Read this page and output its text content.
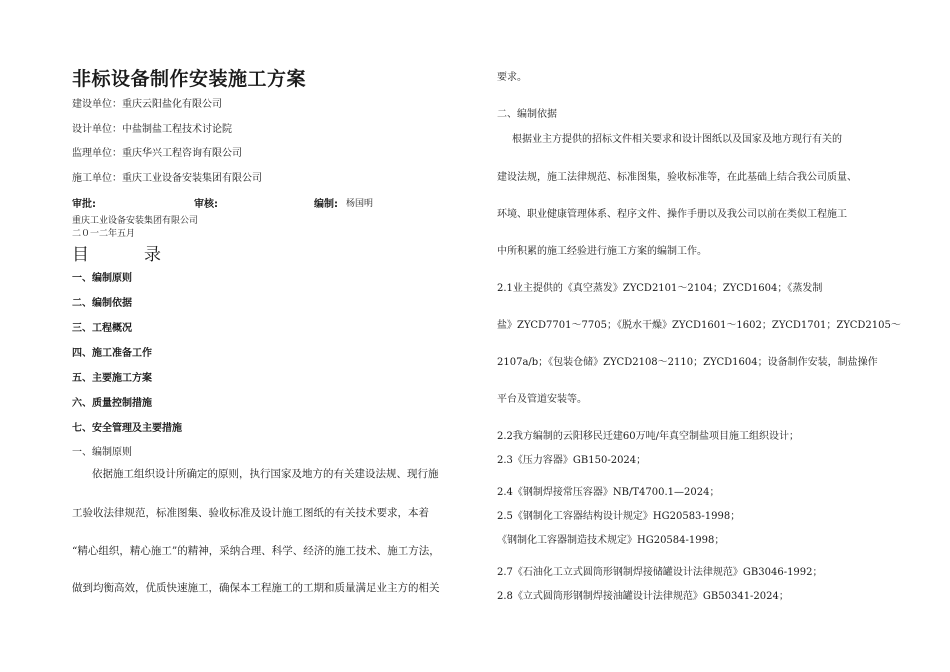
非标设备制作安装施工方案
建设单位：重庆云阳盐化有限公司
设计单位：中盐制盐工程技术讨论院
监理单位：重庆华兴工程咨询有限公司
施工单位：重庆工业设备安装集团有限公司
审批:	审核:	编制: 杨国明
重庆工业设备安装集团有限公司
二０一二年五月
目	录
一、编制原则
二、编制依据
三、工程概况
四、施工准备工作
五、主要施工方案
六、质量控制措施
七、安全管理及主要措施
一、编制原则
依据施工组织设计所确定的原则，执行国家及地方的有关建设法规、现行施
工验收法律规范，标准图集、验收标准及设计施工图纸的有关技术要求，本着
“精心组织，精心施工”的精神，采纳合理、科学、经济的施工技术、施工方法，
做到均衡高效，优质快速施工，确保本工程施工的工期和质量满足业主方的相关
要求。
二、编制依据
根据业主方提供的招标文件相关要求和设计图纸以及国家及地方现行有关的
建设法规，施工法律规范、标准图集，验收标准等，在此基础上结合我公司质量、
环境、职业健康管理体系、程序文件、操作手册以及我公司以前在类似工程施工
中所积累的施工经验进行施工方案的编制工作。
2.1业主提供的《真空蒸发》ZYCD2101～2104；ZYCD1604；《蒸发制
盐》ZYCD7701～7705；《脱水干燥》ZYCD1601～1602；ZYCD1701；ZYCD2105～
2107a/b；《包装仓储》ZYCD2108～2110；ZYCD1604；设备制作安装，制盐操作
平台及管道安装等。
2.2我方编制的云阳移民迁建60万吨/年真空制盐项目施工组织设计；
2.3《压力容器》GB150-2024；
2.4《钢制焊接常压容器》NB/T4700.1—2024；
2.5《钢制化工容器结构设计规定》HG20583-1998；
《钢制化工容器制造技术规定》HG20584-1998；
2.7《石油化工立式圆筒形钢制焊接储罐设计法律规范》GB3046-1992；
2.8《立式圆筒形钢制焊接油罐设计法律规范》GB50341-2024；
